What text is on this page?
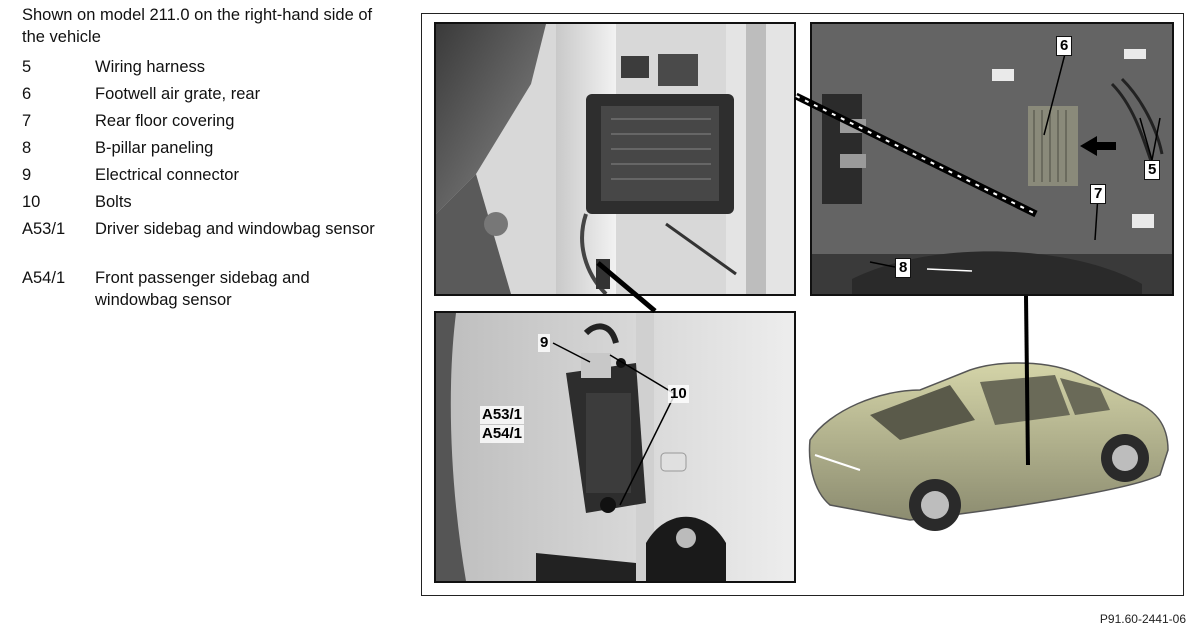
Shown on model 211.0 on the right-hand side of the vehicle
5	Wiring harness
6	Footwell air grate, rear
7	Rear floor covering
8	B-pillar paneling
9	Electrical connector
10	Bolts
A53/1	Driver sidebag and windowbag sensor
A54/1	Front passenger sidebag and windowbag sensor
6
5
7
8
9
10
A53/1
A54/1
P91.60-2441-06
